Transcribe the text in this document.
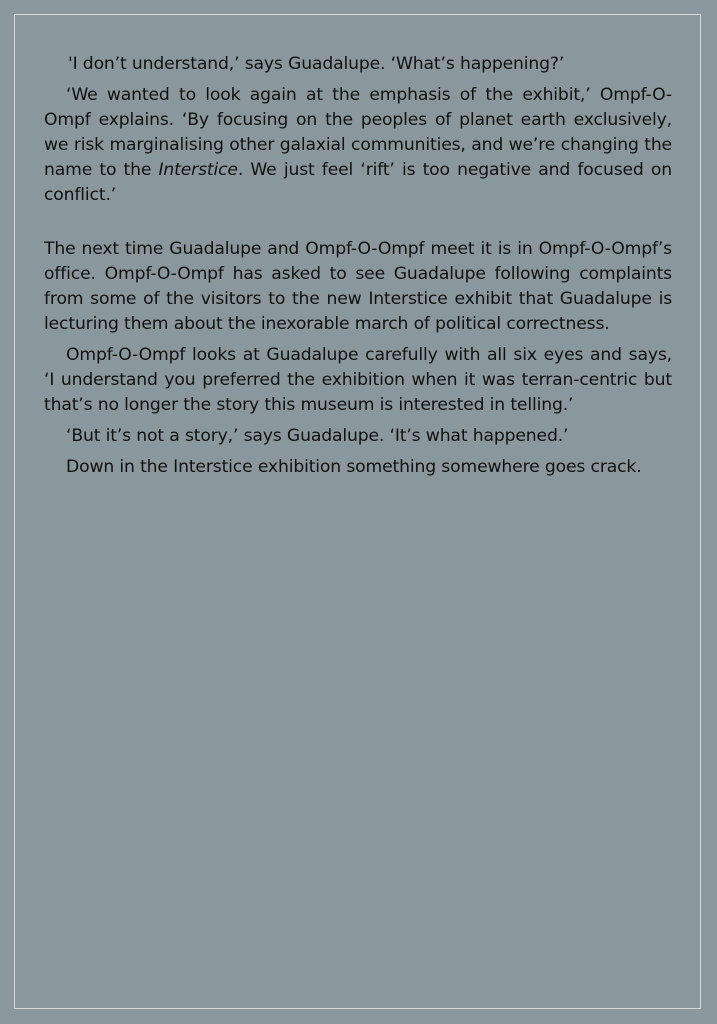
'I don’t understand,’ says Guadalupe. ‘What’s happening?’

‘We wanted to look again at the emphasis of the exhibit,’ Ompf-O-Ompf explains. ‘By focusing on the peoples of planet earth exclusively, we risk marginalising other galaxial communities, and we’re changing the name to the Interstice. We just feel ‘rift’ is too negative and focused on conflict.’

The next time Guadalupe and Ompf-O-Ompf meet it is in Ompf-O-Ompf’s office. Ompf-O-Ompf has asked to see Guadalupe following complaints from some of the visitors to the new Interstice exhibit that Guadalupe is lecturing them about the inexorable march of political correctness.

Ompf-O-Ompf looks at Guadalupe carefully with all six eyes and says, ‘I understand you preferred the exhibition when it was terran-centric but that’s no longer the story this museum is interested in telling.’

‘But it’s not a story,’ says Guadalupe. ‘It’s what happened.’

Down in the Interstice exhibition something somewhere goes crack.
